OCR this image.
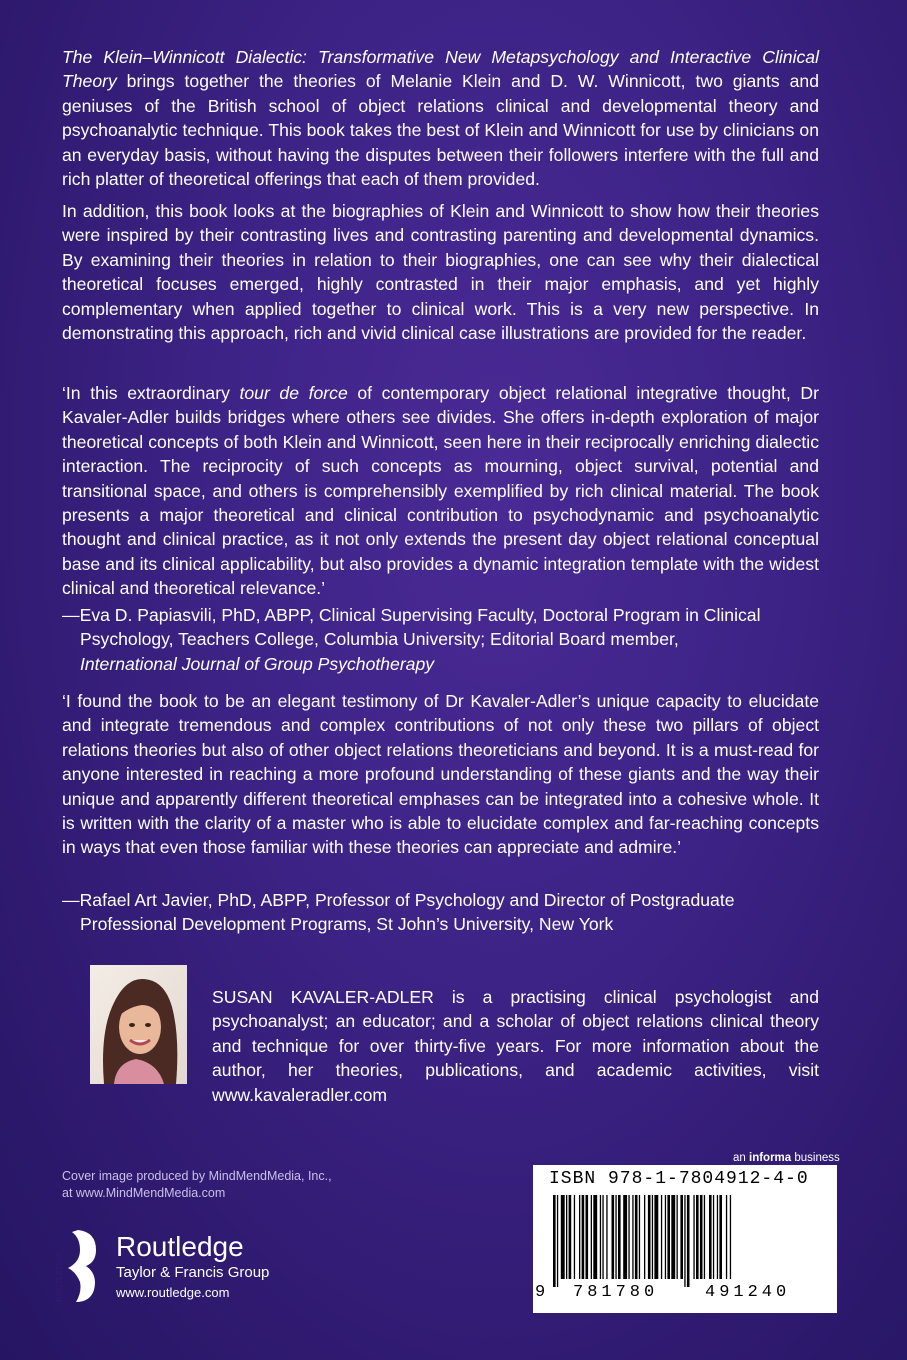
The Klein–Winnicott Dialectic: Transformative New Metapsychology and Interactive Clinical Theory brings together the theories of Melanie Klein and D. W. Winnicott, two giants and geniuses of the British school of object relations clinical and developmental theory and psychoanalytic technique. This book takes the best of Klein and Winnicott for use by clinicians on an everyday basis, without having the disputes between their followers interfere with the full and rich platter of theoretical offerings that each of them provided.

In addition, this book looks at the biographies of Klein and Winnicott to show how their theories were inspired by their contrasting lives and contrasting parenting and developmental dynamics. By examining their theories in relation to their biographies, one can see why their dialectical theoretical focuses emerged, highly contrasted in their major emphasis, and yet highly complementary when applied together to clinical work. This is a very new perspective. In demonstrating this approach, rich and vivid clinical case illustrations are provided for the reader.

‘In this extraordinary tour de force of contemporary object relational integrative thought, Dr Kavaler-Adler builds bridges where others see divides. She offers in-depth exploration of major theoretical concepts of both Klein and Winnicott, seen here in their reciprocally enriching dialectic interaction. The reciprocity of such concepts as mourning, object survival, potential and transitional space, and others is comprehensibly exemplified by rich clinical material. The book presents a major theoretical and clinical contribution to psychodynamic and psychoanalytic thought and clinical practice, as it not only extends the present day object relational conceptual base and its clinical applicability, but also provides a dynamic integration template with the widest clinical and theoretical relevance.’

—Eva D. Papiasvili, PhD, ABPP, Clinical Supervising Faculty, Doctoral Program in Clinical Psychology, Teachers College, Columbia University; Editorial Board member,
International Journal of Group Psychotherapy

‘I found the book to be an elegant testimony of Dr Kavaler-Adler’s unique capacity to elucidate and integrate tremendous and complex contributions of not only these two pillars of object relations theories but also of other object relations theoreticians and beyond. It is a must-read for anyone interested in reaching a more profound understanding of these giants and the way their unique and apparently different theoretical emphases can be integrated into a cohesive whole. It is written with the clarity of a master who is able to elucidate complex and far-reaching concepts in ways that even those familiar with these theories can appreciate and admire.’

—Rafael Art Javier, PhD, ABPP, Professor of Psychology and Director of Postgraduate Professional Development Programs, St John’s University, New York
SUSAN KAVALER-ADLER is a practising clinical psychologist and psychoanalyst; an educator; and a scholar of object relations clinical theory and technique for over thirty-five years. For more information about the author, her theories, publications, and academic activities, visit www.kavaleradler.com
Cover image produced by MindMendMedia, Inc.,
at www.MindMendMedia.com
ROUTLEDGE
Routledge
Taylor & Francis Group
www.routledge.com
an informa business
ISBN 978-1-7804912-4-0
9 781780	491240
